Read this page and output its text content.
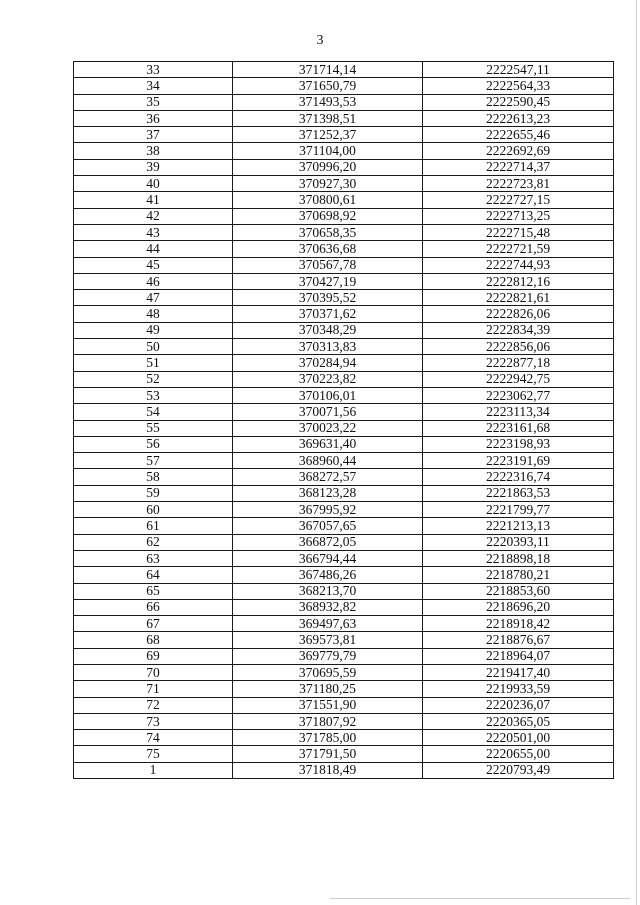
3
33	371714,14	2222547,11
34	371650,79	2222564,33
35	371493,53	2222590,45
36	371398,51	2222613,23
37	371252,37	2222655,46
38	371104,00	2222692,69
39	370996,20	2222714,37
40	370927,30	2222723,81
41	370800,61	2222727,15
42	370698,92	2222713,25
43	370658,35	2222715,48
44	370636,68	2222721,59
45	370567,78	2222744,93
46	370427,19	2222812,16
47	370395,52	2222821,61
48	370371,62	2222826,06
49	370348,29	2222834,39
50	370313,83	2222856,06
51	370284,94	2222877,18
52	370223,82	2222942,75
53	370106,01	2223062,77
54	370071,56	2223113,34
55	370023,22	2223161,68
56	369631,40	2223198,93
57	368960,44	2223191,69
58	368272,57	2222316,74
59	368123,28	2221863,53
60	367995,92	2221799,77
61	367057,65	2221213,13
62	366872,05	2220393,11
63	366794,44	2218898,18
64	367486,26	2218780,21
65	368213,70	2218853,60
66	368932,82	2218696,20
67	369497,63	2218918,42
68	369573,81	2218876,67
69	369779,79	2218964,07
70	370695,59	2219417,40
71	371180,25	2219933,59
72	371551,90	2220236,07
73	371807,92	2220365,05
74	371785,00	2220501,00
75	371791,50	2220655,00
1	371818,49	2220793,49
